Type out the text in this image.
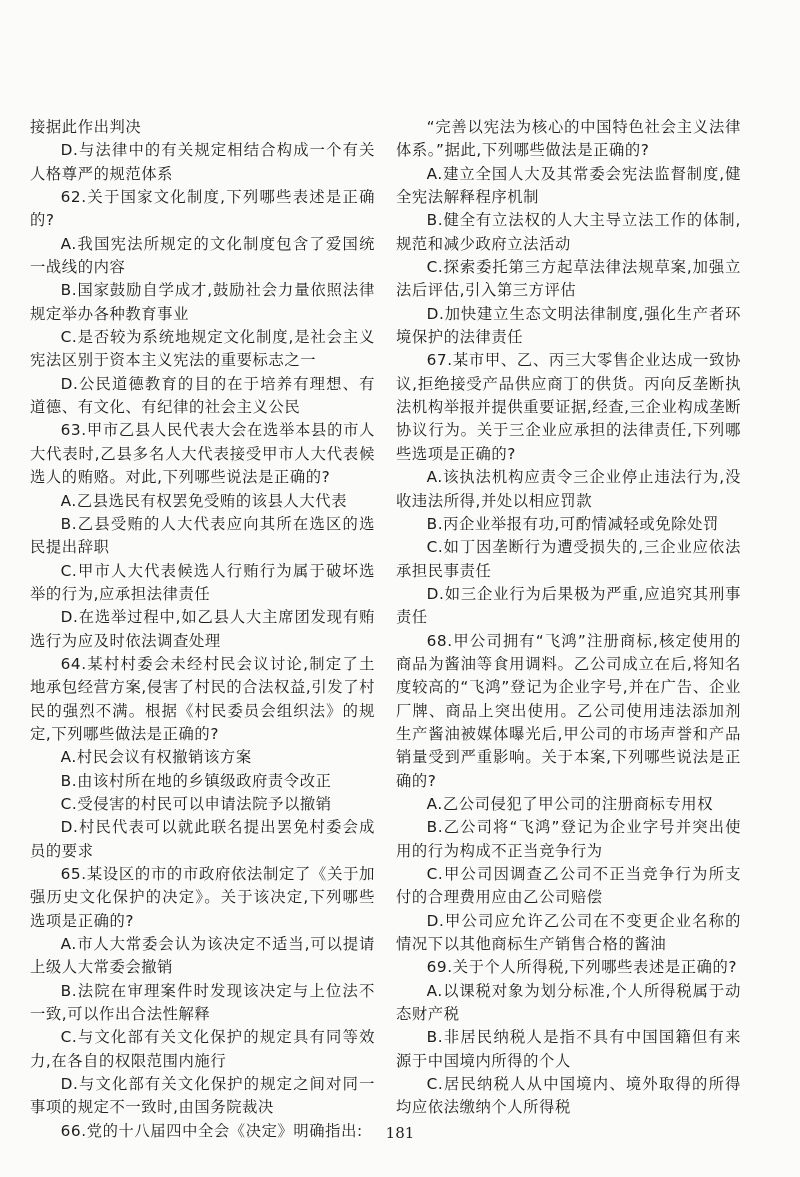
接据此作出判决

D.与法律中的有关规定相结合构成一个有关人格尊严的规范体系

62.关于国家文化制度,下列哪些表述是正确的?

A.我国宪法所规定的文化制度包含了爱国统一战线的内容

B.国家鼓励自学成才,鼓励社会力量依照法律规定举办各种教育事业

C.是否较为系统地规定文化制度,是社会主义宪法区别于资本主义宪法的重要标志之一

D.公民道德教育的目的在于培养有理想、有道德、有文化、有纪律的社会主义公民

63.甲市乙县人民代表大会在选举本县的市人大代表时,乙县多名人大代表接受甲市人大代表候选人的贿赂。对此,下列哪些说法是正确的?

A.乙县选民有权罢免受贿的该县人大代表

B.乙县受贿的人大代表应向其所在选区的选民提出辞职

C.甲市人大代表候选人行贿行为属于破坏选举的行为,应承担法律责任

D.在选举过程中,如乙县人大主席团发现有贿选行为应及时依法调查处理

64.某村村委会未经村民会议讨论,制定了土地承包经营方案,侵害了村民的合法权益,引发了村民的强烈不满。根据《村民委员会组织法》的规定,下列哪些做法是正确的?

A.村民会议有权撤销该方案

B.由该村所在地的乡镇级政府责令改正

C.受侵害的村民可以申请法院予以撤销

D.村民代表可以就此联名提出罢免村委会成员的要求

65.某设区的市的市政府依法制定了《关于加强历史文化保护的决定》。关于该决定,下列哪些选项是正确的?

A.市人大常委会认为该决定不适当,可以提请上级人大常委会撤销

B.法院在审理案件时发现该决定与上位法不一致,可以作出合法性解释

C.与文化部有关文化保护的规定具有同等效力,在各自的权限范围内施行

D.与文化部有关文化保护的规定之间对同一事项的规定不一致时,由国务院裁决

66.党的十八届四中全会《决定》明确指出:

“完善以宪法为核心的中国特色社会主义法律体系。”据此,下列哪些做法是正确的?

A.建立全国人大及其常委会宪法监督制度,健全宪法解释程序机制

B.健全有立法权的人大主导立法工作的体制,规范和减少政府立法活动

C.探索委托第三方起草法律法规草案,加强立法后评估,引入第三方评估

D.加快建立生态文明法律制度,强化生产者环境保护的法律责任

67.某市甲、乙、丙三大零售企业达成一致协议,拒绝接受产品供应商丁的供货。丙向反垄断执法机构举报并提供重要证据,经查,三企业构成垄断协议行为。关于三企业应承担的法律责任,下列哪些选项是正确的?

A.该执法机构应责令三企业停止违法行为,没收违法所得,并处以相应罚款

B.丙企业举报有功,可酌情减轻或免除处罚

C.如丁因垄断行为遭受损失的,三企业应依法承担民事责任

D.如三企业行为后果极为严重,应追究其刑事责任

68.甲公司拥有“飞鸿”注册商标,核定使用的商品为酱油等食用调料。乙公司成立在后,将知名度较高的“飞鸿”登记为企业字号,并在广告、企业厂牌、商品上突出使用。乙公司使用违法添加剂生产酱油被媒体曝光后,甲公司的市场声誉和产品销量受到严重影响。关于本案,下列哪些说法是正确的?

A.乙公司侵犯了甲公司的注册商标专用权

B.乙公司将“飞鸿”登记为企业字号并突出使用的行为构成不正当竞争行为

C.甲公司因调查乙公司不正当竞争行为所支付的合理费用应由乙公司赔偿

D.甲公司应允许乙公司在不变更企业名称的情况下以其他商标生产销售合格的酱油

69.关于个人所得税,下列哪些表述是正确的?

A.以课税对象为划分标准,个人所得税属于动态财产税

B.非居民纳税人是指不具有中国国籍但有来源于中国境内所得的个人

C.居民纳税人从中国境内、境外取得的所得均应依法缴纳个人所得税

181
